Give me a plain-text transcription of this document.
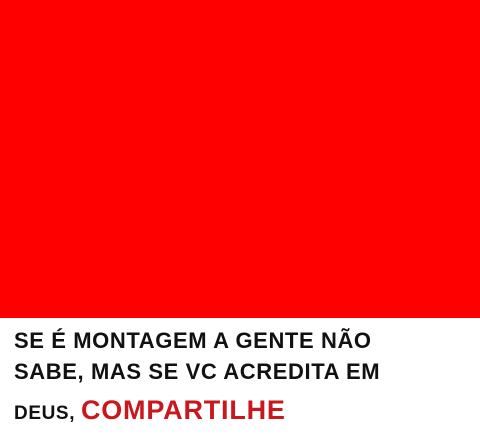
SE É MONTAGEM A GENTE NÃO
SABE, MAS SE VC ACREDITA EM
DEUS, COMPARTILHE
